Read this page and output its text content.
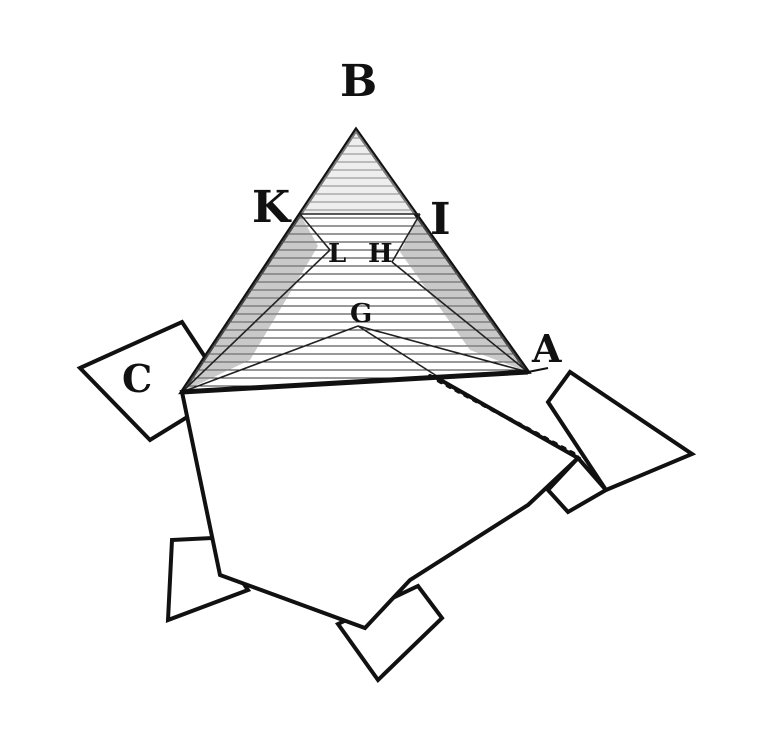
B
K	I
L H
G
C
A
